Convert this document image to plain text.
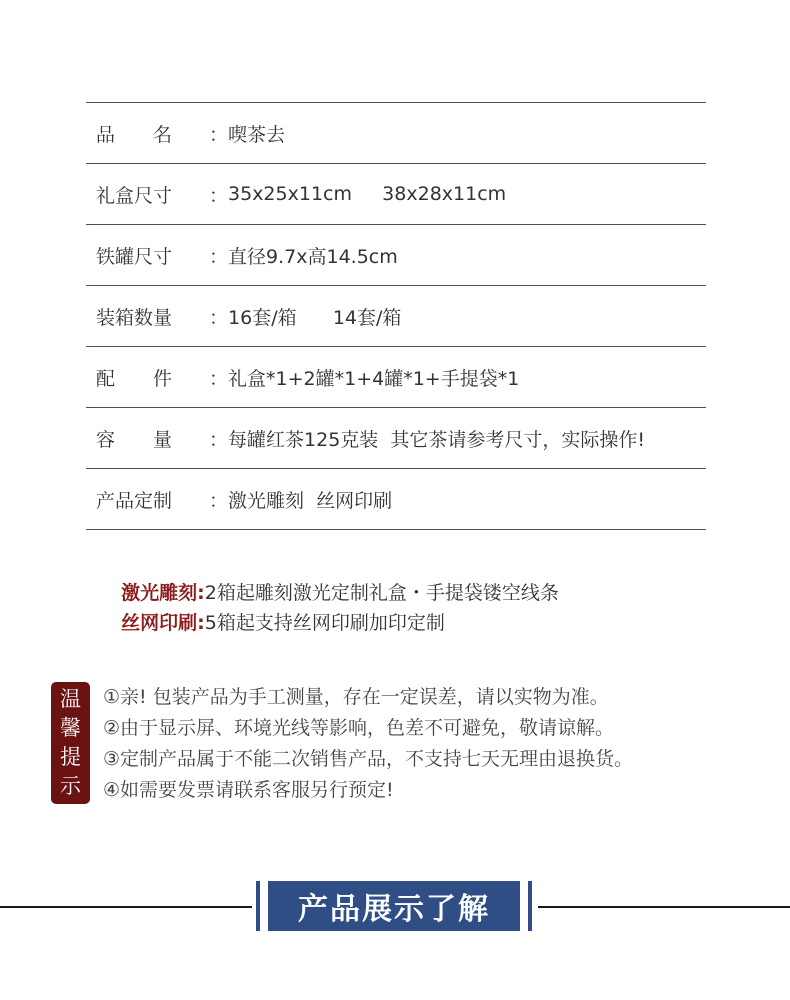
品　　名 ： 喫茶去
礼盒尺寸 ： 35x25x11cm     38x28x11cm
铁罐尺寸 ： 直径9.7x高14.5cm
装箱数量 ： 16套/箱      14套/箱
配　　件 ： 礼盒*1+2罐*1+4罐*1+手提袋*1
容　　量 ： 每罐红茶125克装  其它茶请参考尺寸，实际操作!
产品定制 ： 激光雕刻  丝网印刷

激光雕刻:2箱起雕刻激光定制礼盒・手提袋镂空线条

丝网印刷:5箱起支持丝网印刷加印定制

温
馨
提
示
①亲! 包装产品为手工测量，存在一定误差，请以实物为准。
②由于显示屏、环境光线等影响，色差不可避免，敬请谅解。
③定制产品属于不能二次销售产品，不支持七天无理由退换货。
④如需要发票请联系客服另行预定!
产品展示了解
